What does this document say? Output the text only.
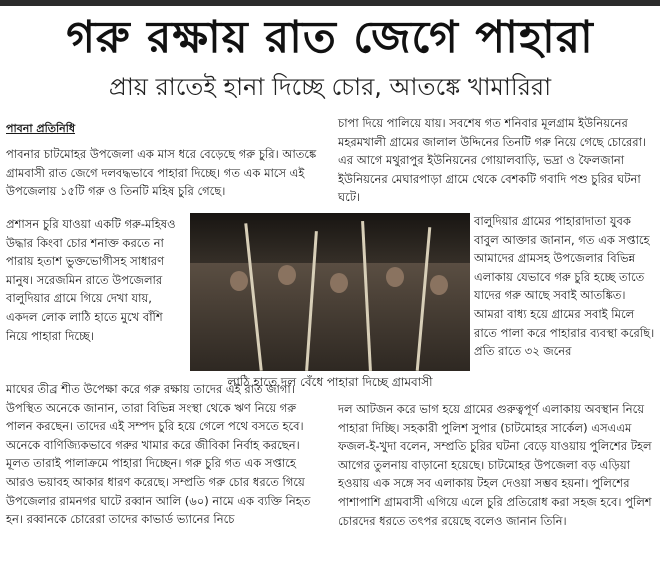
গরু রক্ষায় রাত জেগে পাহারা
প্রায় রাতেই হানা দিচ্ছে চোর, আতঙ্কে খামারিরা
পাবনা প্রতিনিধি

পাবনার চাটমোহর উপজেলা এক মাস ধরে বেড়েছে গরু চুরি। আতঙ্কে গ্রামবাসী রাত জেগে দলবদ্ধভাবে পাহারা দিচ্ছে। গত এক মাসে এই উপজেলায় ১৫টি গরু ও তিনটি মহিষ চুরি গেছে।

প্রশাসন চুরি যাওয়া একটি গরু-মহিষও উদ্ধার কিংবা চোর শনাক্ত করতে না পারায় হতাশ ভুক্তভোগীসহ সাধারণ মানুষ। সরেজমিন রাতে উপজেলার বালুদিয়ার গ্রামে গিয়ে দেখা যায়, একদল লোক লাঠি হাতে মুখে বাঁশি নিয়ে পাহারা দিচ্ছে।

লাঠি হাতে দল বেঁধে পাহারা দিচ্ছে গ্রামবাসী

বালুদিয়ার গ্রামের পাহারাদাতা যুবক বাবুল আক্তার জানান, গত এক সপ্তাহে আমাদের গ্রামসহ উপজেলার বিভিন্ন এলাকায় যেভাবে গরু চুরি হচ্ছে তাতে যাদের গরু আছে সবাই আতঙ্কিত। আমরা বাধ্য হয়ে গ্রামের সবাই মিলে রাতে পালা করে পাহারার ব্যবস্থা করেছি। প্রতি রাতে ৩২ জনের

মাঘের তীব্র শীত উপেক্ষা করে গরু রক্ষায় তাদের এই রাত জাগা। উপস্থিত অনেকে জানান, তারা বিভিন্ন সংস্থা থেকে ঋণ নিয়ে গরু পালন করছেন। তাদের এই সম্পদ চুরি হয়ে গেলে পথে বসতে হবে। অনেকে বাণিজ্যিকভাবে গরুর খামার করে জীবিকা নির্বাহ করছেন। মূলত তারাই পালাক্রমে পাহারা দিচ্ছেন। গরু চুরি গত এক সপ্তাহে আরও ভয়াবহ আকার ধারণ করেছে। সম্প্রতি গরু চোর ধরতে গিয়ে উপজেলার রামনগর ঘাটে রব্বান আলি (৬০) নামে এক ব্যক্তি নিহত হন। রব্বানকে চোরেরা তাদের কাভার্ড ভ্যানের নিচে

চাপা দিয়ে পালিয়ে যায়। সবশেষ গত শনিবার মূলগ্রাম ইউনিয়নের মহরমখালী গ্রামের জালাল উদ্দিনের তিনটি গরু নিয়ে গেছে চোরেরা। এর আগে মথুরাপুর ইউনিয়নের গোয়ালবাড়ি, ভদ্রা ও ফৈলজানা ইউনিয়নের মেঘারপাড়া গ্রামে থেকে বেশকটি গবাদি পশু চুরির ঘটনা ঘটে।

দল আটজন করে ভাগ হয়ে গ্রামের গুরুত্বপূর্ণ এলাকায় অবস্থান নিয়ে পাহারা দিচ্ছি। সহকারী পুলিশ সুপার (চাটমোহর সার্কেল) এসএএম ফজল-ই-খুদা বলেন, সম্প্রতি চুরির ঘটনা বেড়ে যাওয়ায় পুলিশের টহল আগের তুলনায় বাড়ানো হয়েছে। চাটমোহর উপজেলা বড় এড়িয়া হওয়ায় এক সঙ্গে সব এলাকায় টহল দেওয়া সম্ভব হয়না। পুলিশের পাশাপাশি গ্রামবাসী এগিয়ে এলে চুরি প্রতিরোধ করা সহজ হবে। পুলিশ চোরদের ধরতে তৎপর রয়েছে বলেও জানান তিনি।
